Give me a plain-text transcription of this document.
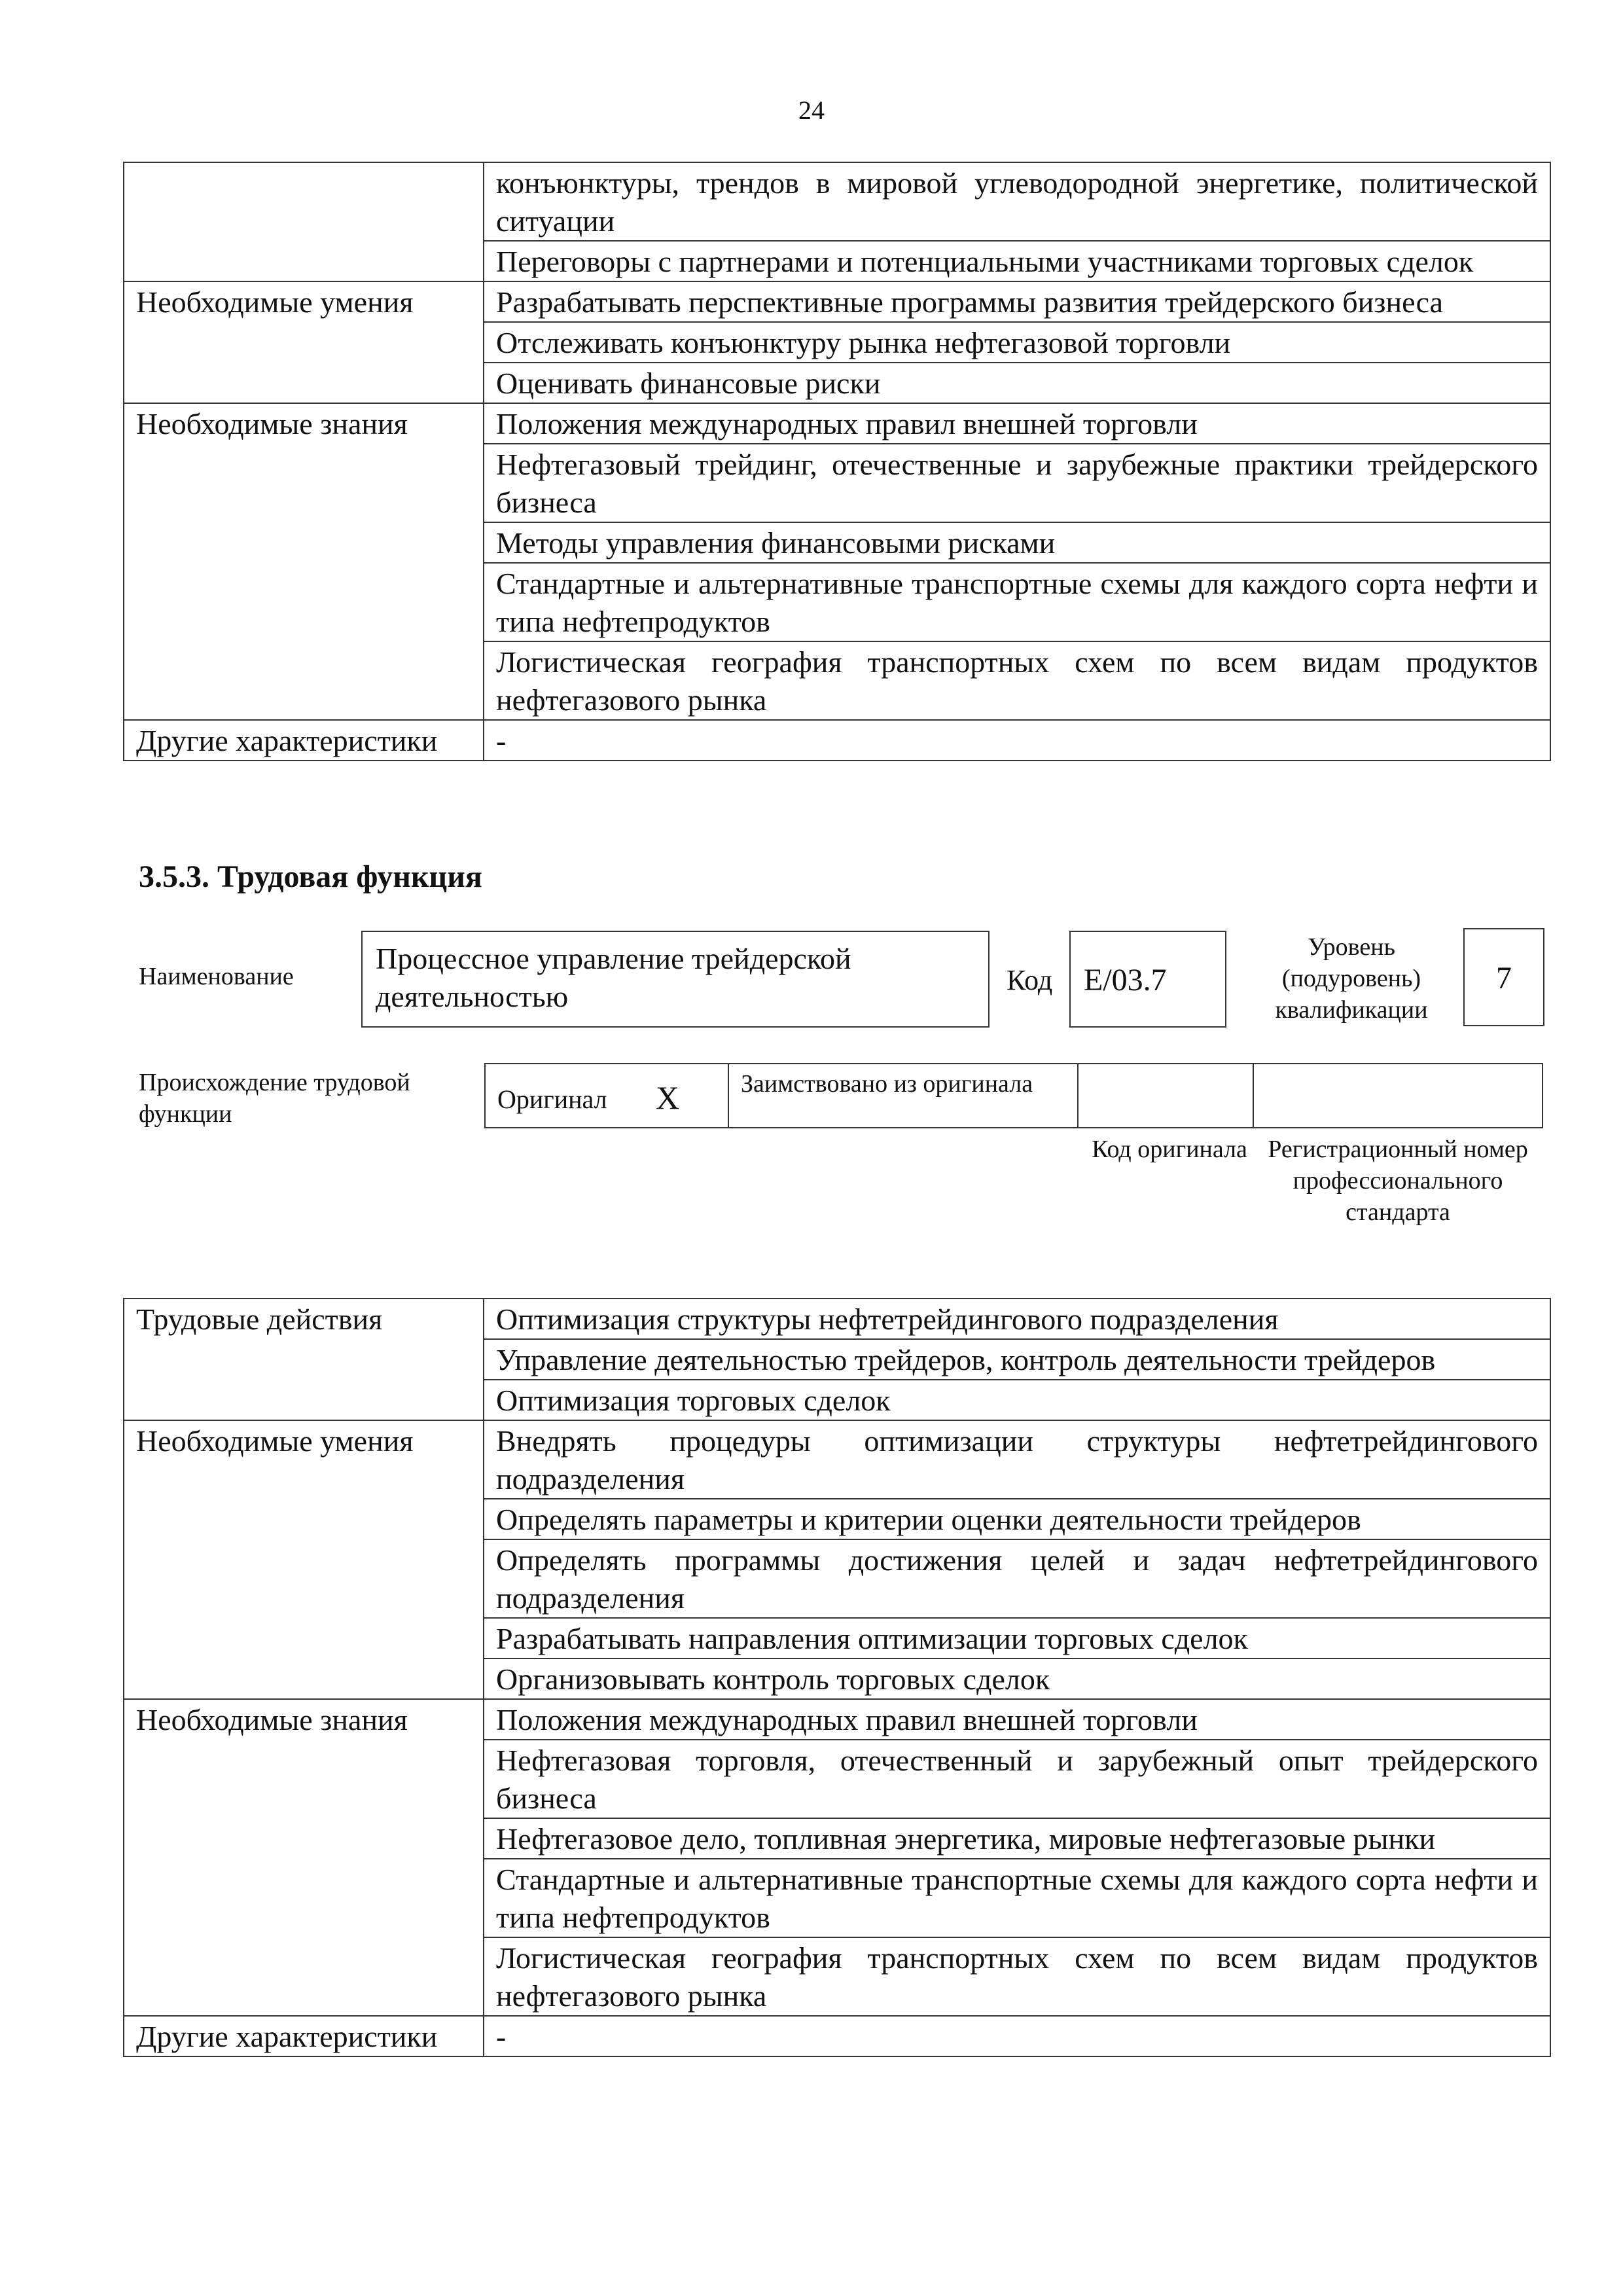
24
	конъюнктуры, трендов в мировой углеводородной энергетике, политической ситуации
	Переговоры с партнерами и потенциальными участниками торговых сделок
Необходимые умения	Разрабатывать перспективные программы развития трейдерского бизнеса
	Отслеживать конъюнктуру рынка нефтегазовой торговли
	Оценивать финансовые риски
Необходимые знания	Положения международных правил внешней торговли
	Нефтегазовый трейдинг, отечественные и зарубежные практики трейдерского бизнеса
	Методы управления финансовыми рисками
	Стандартные и альтернативные транспортные схемы для каждого сорта нефти и типа нефтепродуктов
	Логистическая география транспортных схем по всем видам продуктов нефтегазового рынка
Другие характеристики	-
3.5.3. Трудовая функция
Наименование
Процессное управление трейдерской деятельностью	Код E/03.7
Уровень (подуровень) квалификации
7
Происхождение трудовой функции	Оригинал X	Заимствовано из оригинала
Код оригинала Регистрационный номер профессионального стандарта
Трудовые действия	Оптимизация структуры нефтетрейдингового подразделения
	Управление деятельностью трейдеров, контроль деятельности трейдеров
	Оптимизация торговых сделок
Необходимые умения	Внедрять процедуры оптимизации структуры нефтетрейдингового подразделения
	Определять параметры и критерии оценки деятельности трейдеров
	Определять программы достижения целей и задач нефтетрейдингового подразделения
	Разрабатывать направления оптимизации торговых сделок
	Организовывать контроль торговых сделок
Необходимые знания	Положения международных правил внешней торговли
	Нефтегазовая торговля, отечественный и зарубежный опыт трейдерского бизнеса
	Нефтегазовое дело, топливная энергетика, мировые нефтегазовые рынки
	Стандартные и альтернативные транспортные схемы для каждого сорта нефти и типа нефтепродуктов
	Логистическая география транспортных схем по всем видам продуктов нефтегазового рынка
Другие характеристики	-
